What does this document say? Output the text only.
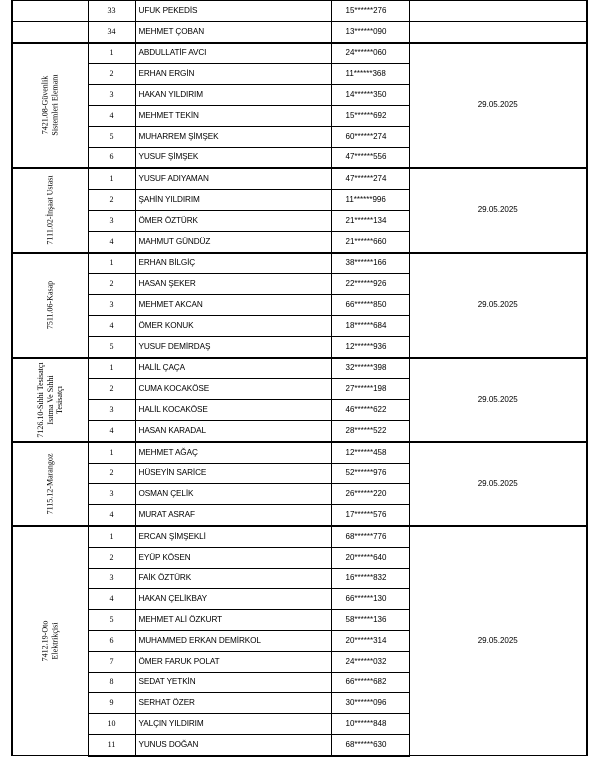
	33	UFUK PEKEDİS	15******276	
	34	MEHMET ÇOBAN	13******090	

7421.08-Güvenlik Sistemleri Elemanı	1	ABDULLATİF AVCI	24******060	29.05.2025
	2	ERHAN ERGİN	11******368	
	3	HAKAN YILDIRIM	14******350	
	4	MEHMET TEKİN	15******692	
	5	MUHARREM ŞİMŞEK	60******274	
	6	YUSUF ŞİMŞEK	47******556	

7111.02-İnşaat Ustası	1	YUSUF ADIYAMAN	47******274	29.05.2025
	2	ŞAHİN YILDIRIM	11******996	
	3	ÖMER ÖZTÜRK	21******134	
	4	MAHMUT GÜNDÜZ	21******660	

7511.06-Kasap	1	ERHAN BİLGİÇ	38******166	29.05.2025
	2	HASAN ŞEKER	22******926	
	3	MEHMET AKCAN	66******850	
	4	ÖMER KONUK	18******684	
	5	YUSUF DEMİRDAŞ	12******936	

7126.10-Sıhhi Tesisatçı Isıtma Ve Sıhhi Tesisatçı	1	HALİL ÇAÇA	32******398	29.05.2025
	2	CUMA KOCAKÖSE	27******198	
	3	HALİL KOCAKÖSE	46******622	
	4	HASAN KARADAL	28******522	

7115.12-Marangoz	1	MEHMET AĞAÇ	12******458	29.05.2025
	2	HÜSEYİN SARİCE	52******976	
	3	OSMAN ÇELİK	26******220	
	4	MURAT ASRAF	17******576	

7412.19-Oto Elektrikçisi	1	ERCAN ŞİMŞEKLİ	68******776	29.05.2025
	2	EYÜP KÖSEN	20******640	
	3	FAİK ÖZTÜRK	16******832	
	4	HAKAN ÇELİKBAY	66******130	
	5	MEHMET ALİ ÖZKURT	58******136	
	6	MUHAMMED ERKAN DEMİRKOL	20******314	
	7	ÖMER FARUK POLAT	24******032	
	8	SEDAT YETKİN	66******682	
	9	SERHAT ÖZER	30******096	
	10	YALÇIN YILDIRIM	10******848	
	11	YUNUS DOĞAN	68******630	
